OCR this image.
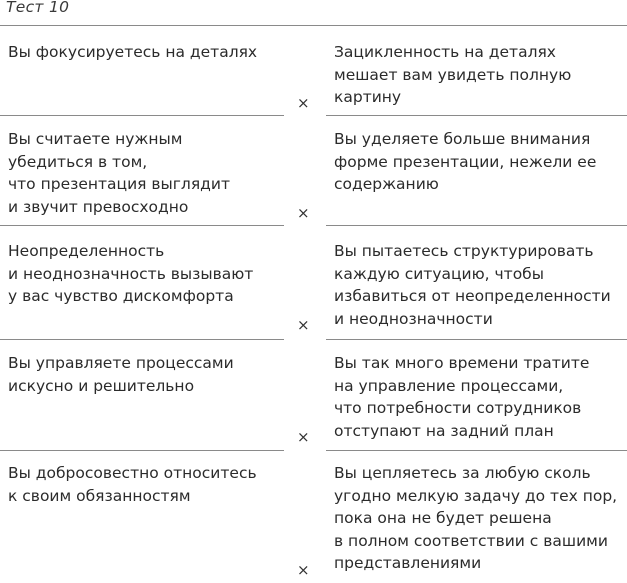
Тест 10
Вы фокусируетесь на деталях	Зацикленность на деталях
мешает вам увидеть полную
картину
×
Вы считаете нужным
убедиться в том,
что презентация выглядит
и звучит превосходно
Вы уделяете больше внимания
форме презентации, нежели ее
содержанию
×
Неопределенность
и неоднозначность вызывают
у вас чувство дискомфорта
Вы пытаетесь структурировать
каждую ситуацию, чтобы
избавиться от неопределенности
и неоднозначности
×
Вы управляете процессами
искусно и решительно
Вы так много времени тратите
на управление процессами,
что потребности сотрудников
отступают на задний план
×
Вы добросовестно относитесь
к своим обязанностям
Вы цепляетесь за любую сколь
угодно мелкую задачу до тех пор,
пока она не будет решена
в полном соответствии с вашими
представлениями
×
